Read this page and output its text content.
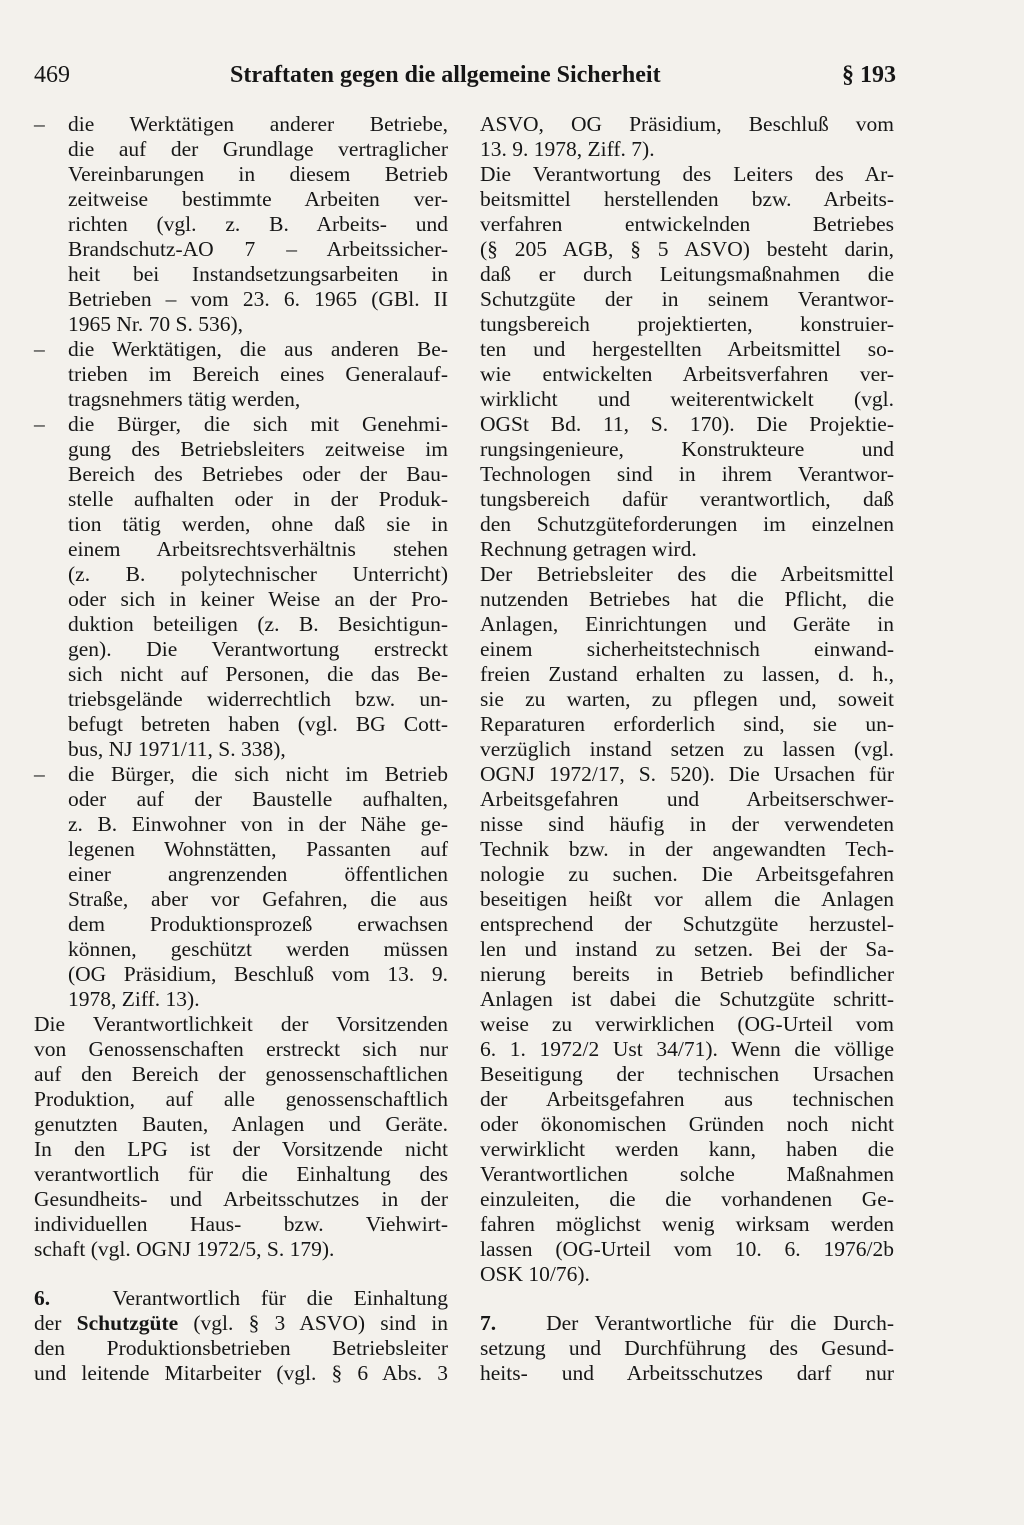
469	Straftaten gegen die allgemeine Sicherheit	§ 193
–	die Werktätigen anderer Betriebe,
die auf der Grundlage vertraglicher
Vereinbarungen in diesem Betrieb
zeitweise bestimmte Arbeiten ver-
richten (vgl. z. B. Arbeits- und
Brandschutz-AO 7 – Arbeitssicher-
heit bei Instandsetzungsarbeiten in
Betrieben – vom 23. 6. 1965 (GBl. II
1965 Nr. 70 S. 536),
–	die Werktätigen, die aus anderen Be-
trieben im Bereich eines Generalauf-
tragsnehmers tätig werden,
–	die Bürger, die sich mit Genehmi-
gung des Betriebsleiters zeitweise im
Bereich des Betriebes oder der Bau-
stelle aufhalten oder in der Produk-
tion tätig werden, ohne daß sie in
einem Arbeitsrechtsverhältnis stehen
(z. B. polytechnischer Unterricht)
oder sich in keiner Weise an der Pro-
duktion beteiligen (z. B. Besichtigun-
gen). Die Verantwortung erstreckt
sich nicht auf Personen, die das Be-
triebsgelände widerrechtlich bzw. un-
befugt betreten haben (vgl. BG Cott-
bus, NJ 1971/11, S. 338),
–	die Bürger, die sich nicht im Betrieb
oder auf der Baustelle aufhalten,
z. B. Einwohner von in der Nähe ge-
legenen Wohnstätten, Passanten auf
einer angrenzenden öffentlichen
Straße, aber vor Gefahren, die aus
dem Produktionsprozeß erwachsen
können, geschützt werden müssen
(OG Präsidium, Beschluß vom 13. 9.
1978, Ziff. 13).
Die Verantwortlichkeit der Vorsitzenden
von Genossenschaften erstreckt sich nur
auf den Bereich der genossenschaftlichen
Produktion, auf alle genossenschaftlich
genutzten Bauten, Anlagen und Geräte.
In den LPG ist der Vorsitzende nicht
verantwortlich für die Einhaltung des
Gesundheits- und Arbeitsschutzes in der
individuellen Haus- bzw. Viehwirt-
schaft (vgl. OGNJ 1972/5, S. 179).
6.	Verantwortlich für die Einhaltung
der Schutzgüte (vgl. § 3 ASVO) sind in
den Produktionsbetrieben Betriebsleiter
und leitende Mitarbeiter (vgl. § 6 Abs. 3
ASVO, OG Präsidium, Beschluß vom
13. 9. 1978, Ziff. 7).
Die Verantwortung des Leiters des Ar-
beitsmittel herstellenden bzw. Arbeits-
verfahren entwickelnden Betriebes
(§ 205 AGB, § 5 ASVO) besteht darin,
daß er durch Leitungsmaßnahmen die
Schutzgüte der in seinem Verantwor-
tungsbereich projektierten, konstruier-
ten und hergestellten Arbeitsmittel so-
wie entwickelten Arbeitsverfahren ver-
wirklicht und weiterentwickelt (vgl.
OGSt Bd. 11, S. 170). Die Projektie-
rungsingenieure, Konstrukteure und
Technologen sind in ihrem Verantwor-
tungsbereich dafür verantwortlich, daß
den Schutzgüteforderungen im einzelnen
Rechnung getragen wird.
Der Betriebsleiter des die Arbeitsmittel
nutzenden Betriebes hat die Pflicht, die
Anlagen, Einrichtungen und Geräte in
einem sicherheitstechnisch einwand-
freien Zustand erhalten zu lassen, d. h.,
sie zu warten, zu pflegen und, soweit
Reparaturen erforderlich sind, sie un-
verzüglich instand setzen zu lassen (vgl.
OGNJ 1972/17, S. 520). Die Ursachen für
Arbeitsgefahren und Arbeitserschwer-
nisse sind häufig in der verwendeten
Technik bzw. in der angewandten Tech-
nologie zu suchen. Die Arbeitsgefahren
beseitigen heißt vor allem die Anlagen
entsprechend der Schutzgüte herzustel-
len und instand zu setzen. Bei der Sa-
nierung bereits in Betrieb befindlicher
Anlagen ist dabei die Schutzgüte schritt-
weise zu verwirklichen (OG-Urteil vom
6. 1. 1972/2 Ust 34/71). Wenn die völlige
Beseitigung der technischen Ursachen
der Arbeitsgefahren aus technischen
oder ökonomischen Gründen noch nicht
verwirklicht werden kann, haben die
Verantwortlichen solche Maßnahmen
einzuleiten, die die vorhandenen Ge-
fahren möglichst wenig wirksam werden
lassen (OG-Urteil vom 10. 6. 1976/2b
OSK 10/76).
7. Der Verantwortliche für die Durch-
setzung und Durchführung des Gesund-
heits- und Arbeitsschutzes darf nur
